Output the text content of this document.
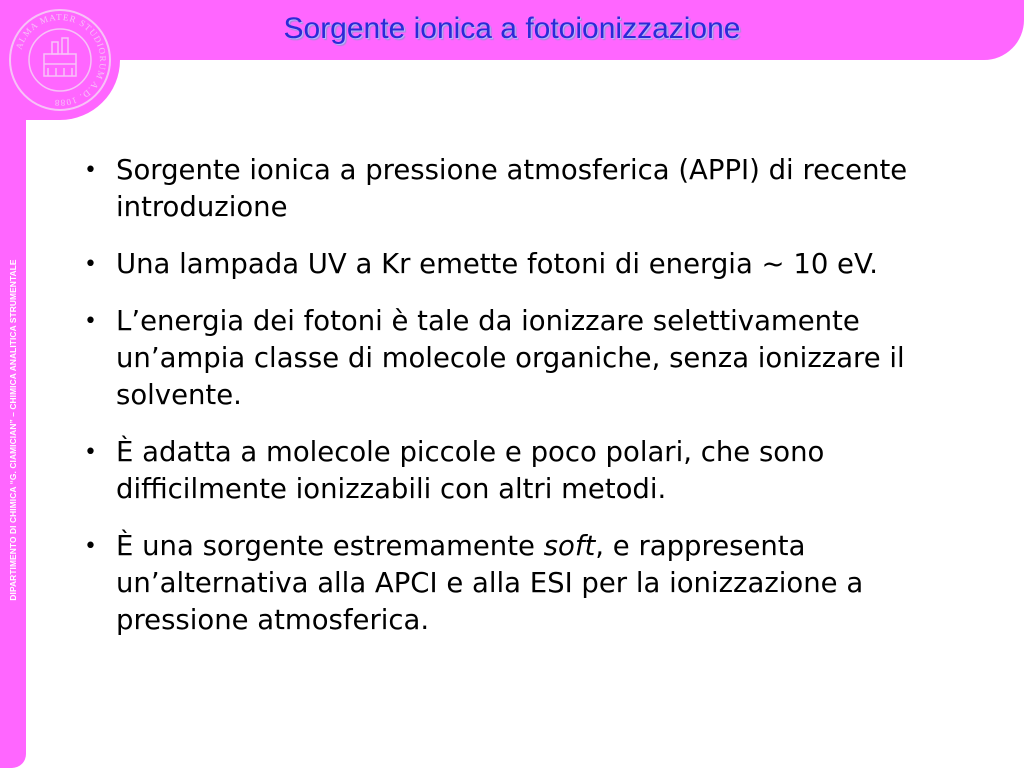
ALMA MATER STUDIORUM A.D. 1088
Sorgente ionica a fotoionizzazione
DIPARTIMENTO DI CHIMICA “G. CIAMICIAN” – CHIMICA ANALITICA STRUMENTALE
• Sorgente ionica a pressione atmosferica (APPI) di recente introduzione
• Una lampada UV a Kr emette fotoni di energia ~ 10 eV.
• L’energia dei fotoni è tale da ionizzare selettivamente un’ampia classe di molecole organiche, senza ionizzare il solvente.
• È adatta a molecole piccole e poco polari, che sono difficilmente ionizzabili con altri metodi.
• È una sorgente estremamente soft, e rappresenta un’alternativa alla APCI e alla ESI per la ionizzazione a pressione atmosferica.
